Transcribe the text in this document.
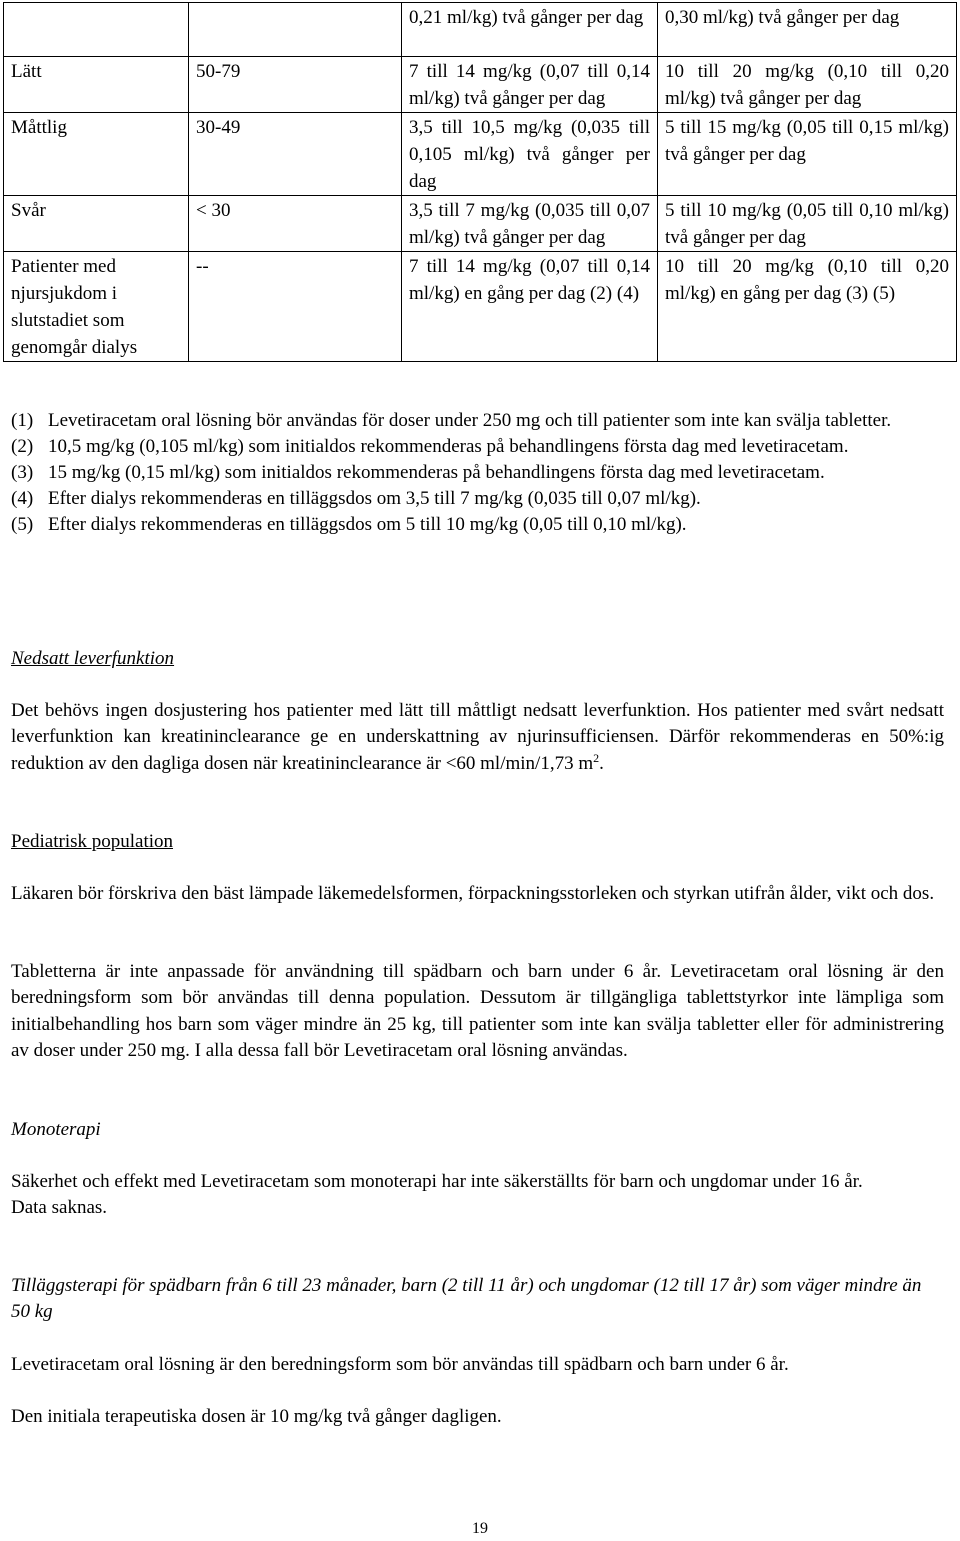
		0,21 ml/kg) två gånger per dag	0,30 ml/kg) två gånger per dag
Lätt	50-79	7 till 14 mg/kg (0,07 till 0,14 ml/kg) två gånger per dag	10 till 20 mg/kg (0,10 till 0,20 ml/kg) två gånger per dag
Måttlig	30-49	3,5 till 10,5 mg/kg (0,035 till 0,105 ml/kg) två gånger per dag	5 till 15 mg/kg (0,05 till 0,15 ml/kg) två gånger per dag
Svår	< 30	3,5 till 7 mg/kg (0,035 till 0,07 ml/kg) två gånger per dag	5 till 10 mg/kg (0,05 till 0,10 ml/kg) två gånger per dag
Patienter med njursjukdom i slutstadiet som genomgår dialys	--	7 till 14 mg/kg (0,07 till 0,14 ml/kg) en gång per dag (2) (4)	10 till 20 mg/kg (0,10 till 0,20 ml/kg) en gång per dag (3) (5)
(1) Levetiracetam oral lösning bör användas för doser under 250 mg och till patienter som inte kan svälja tabletter.
(2) 10,5 mg/kg (0,105 ml/kg) som initialdos rekommenderas på behandlingens första dag med levetiracetam.
(3) 15 mg/kg (0,15 ml/kg) som initialdos rekommenderas på behandlingens första dag med levetiracetam.
(4) Efter dialys rekommenderas en tilläggsdos om 3,5 till 7 mg/kg (0,035 till 0,07 ml/kg).
(5) Efter dialys rekommenderas en tilläggsdos om 5 till 10 mg/kg (0,05 till 0,10 ml/kg).
Nedsatt leverfunktion
Det behövs ingen dosjustering hos patienter med lätt till måttligt nedsatt leverfunktion. Hos patienter med svårt nedsatt leverfunktion kan kreatininclearance ge en underskattning av njurinsufficiensen. Därför rekommenderas en 50%:ig reduktion av den dagliga dosen när kreatininclearance är <60 ml/min/1,73 $m^2$.
Pediatrisk population
Läkaren bör förskriva den bäst lämpade läkemedelsformen, förpackningsstorleken och styrkan utifrån ålder, vikt och dos.
Tabletterna är inte anpassade för användning till spädbarn och barn under 6 år. Levetiracetam oral lösning är den beredningsform som bör användas till denna population. Dessutom är tillgängliga tablettstyrkor inte lämpliga som initialbehandling hos barn som väger mindre än 25 kg, till patienter som inte kan svälja tabletter eller för administrering av doser under 250 mg. I alla dessa fall bör Levetiracetam oral lösning användas.
Monoterapi
Säkerhet och effekt med Levetiracetam som monoterapi har inte säkerställts för barn och ungdomar under 16 år.
Data saknas.
Tilläggsterapi för spädbarn från 6 till 23 månader, barn (2 till 11 år) och ungdomar (12 till 17 år) som väger mindre än 50 kg
Levetiracetam oral lösning är den beredningsform som bör användas till spädbarn och barn under 6 år.
Den initiala terapeutiska dosen är 10 mg/kg två gånger dagligen.
19
